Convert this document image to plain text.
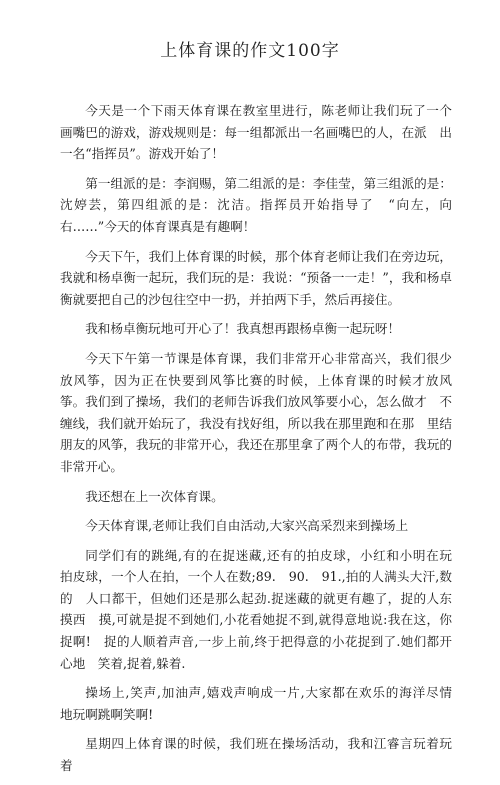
上体育课的作文100字

今天是一个下雨天体育课在教室里进行，陈老师让我们玩了一个　画嘴巴的游戏，游戏规则是：每一组都派出一名画嘴巴的人，在派　出一名“指挥员”。游戏开始了！

第一组派的是：李润赐，第二组派的是：李佳莹，第三组派的是：沈婷芸，第四组派的是：沈洁。指挥员开始指导了　“向左，向右……”今天的体育课真是有趣啊！

今天下午，我们上体育课的时候，那个体育老师让我们在旁边玩，我就和杨卓衡一起玩，我们玩的是：我说：“预备一一走！”，我和杨卓衡就要把自己的沙包往空中一扔，并拍两下手，然后再接住。

我和杨卓衡玩地可开心了！我真想再跟杨卓衡一起玩呀！

今天下午第一节课是体育课，我们非常开心非常高兴，我们很少　放风筝，因为正在快要到风筝比赛的时候，上体育课的时候才放风　筝。我们到了操场，我们的老师告诉我们放风筝要小心，怎么做才　不缠线，我们就开始玩了，我没有找好组，所以我在那里跑和在那　里结朋友的风筝，我玩的非常开心，我还在那里拿了两个人的布带，我玩的非常开心。

我还想在上一次体育课。

今天体育课,老师让我们自由活动,大家兴高采烈来到操场上

同学们有的跳绳,有的在捉迷藏,还有的拍皮球，小红和小明在玩　拍皮球，一个人在拍，一个人在数;89.　90.　91.,拍的人满头大汗,数的　人口都干，但她们还是那么起劲.捉迷藏的就更有趣了，捉的人东摸西　摸,可就是捉不到她们,小花看她捉不到,就得意地说:我在这，你捉啊!　捉的人顺着声音,一步上前,终于把得意的小花捉到了.她们都开心地　笑着,捉着,躲着.

操场上,笑声,加油声,嬉戏声响成一片,大家都在欢乐的海洋尽情　地玩啊跳啊笑啊!

星期四上体育课的时候，我们班在操场活动，我和江睿言玩着玩　着
